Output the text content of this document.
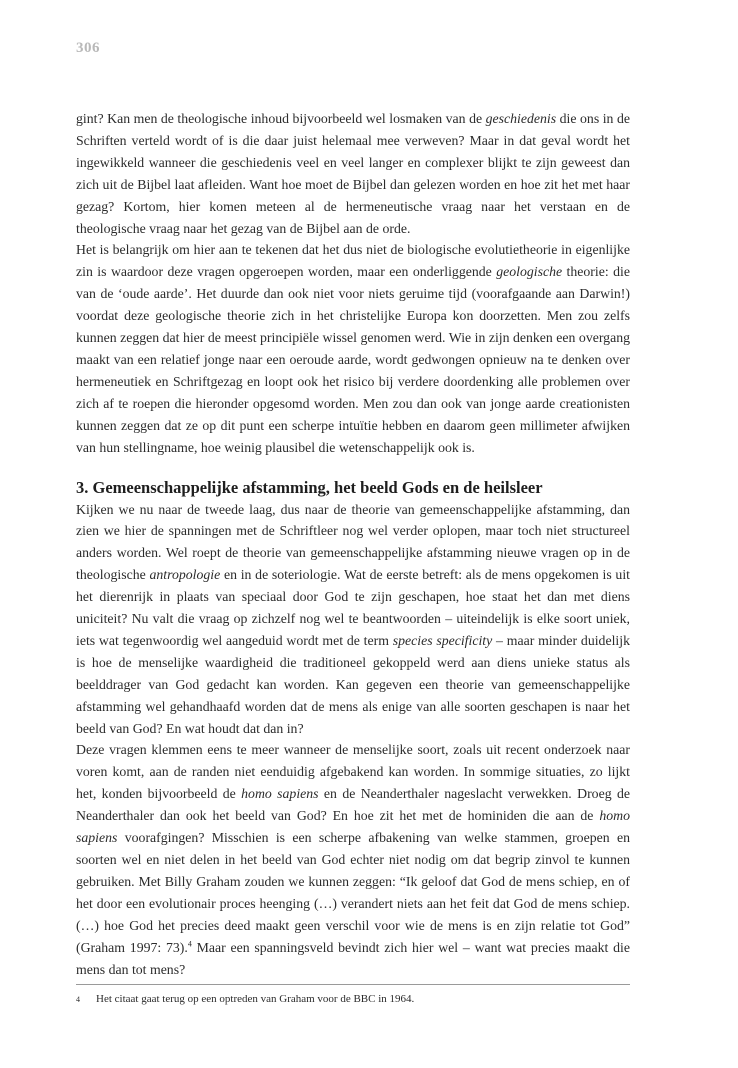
306

gint? Kan men de theologische inhoud bijvoorbeeld wel losmaken van de geschiedenis die ons in de Schriften verteld wordt of is die daar juist helemaal mee verweven? Maar in dat geval wordt het ingewikkeld wanneer die geschiedenis veel en veel langer en complexer blijkt te zijn geweest dan zich uit de Bijbel laat afleiden. Want hoe moet de Bijbel dan gelezen worden en hoe zit het met haar gezag? Kortom, hier komen meteen al de hermeneutische vraag naar het verstaan en de theologische vraag naar het gezag van de Bijbel aan de orde.

Het is belangrijk om hier aan te tekenen dat het dus niet de biologische evolutietheorie in eigenlijke zin is waardoor deze vragen opgeroepen worden, maar een onderliggende geologische theorie: die van de ‘oude aarde’. Het duurde dan ook niet voor niets geruime tijd (voorafgaande aan Darwin!) voordat deze geologische theorie zich in het christelijke Europa kon doorzetten. Men zou zelfs kunnen zeggen dat hier de meest principiële wissel genomen werd. Wie in zijn denken een overgang maakt van een relatief jonge naar een oeroude aarde, wordt gedwongen opnieuw na te denken over hermeneutiek en Schriftgezag en loopt ook het risico bij verdere doordenking alle problemen over zich af te roepen die hieronder opgesomd worden. Men zou dan ook van jonge aarde creationisten kunnen zeggen dat ze op dit punt een scherpe intuïtie hebben en daarom geen millimeter afwijken van hun stellingname, hoe weinig plausibel die wetenschappelijk ook is.

3. Gemeenschappelijke afstamming, het beeld Gods en de heilsleer

Kijken we nu naar de tweede laag, dus naar de theorie van gemeenschappelijke afstamming, dan zien we hier de spanningen met de Schriftleer nog wel verder oplopen, maar toch niet structureel anders worden. Wel roept de theorie van gemeenschappelijke afstamming nieuwe vragen op in de theologische antropologie en in de soteriologie. Wat de eerste betreft: als de mens opgekomen is uit het dierenrijk in plaats van speciaal door God te zijn geschapen, hoe staat het dan met diens uniciteit? Nu valt die vraag op zichzelf nog wel te beantwoorden – uiteindelijk is elke soort uniek, iets wat tegenwoordig wel aangeduid wordt met de term species specificity – maar minder duidelijk is hoe de menselijke waardigheid die traditioneel gekoppeld werd aan diens unieke status als beelddrager van God gedacht kan worden. Kan gegeven een theorie van gemeenschappelijke afstamming wel gehandhaafd worden dat de mens als enige van alle soorten geschapen is naar het beeld van God? En wat houdt dat dan in?

Deze vragen klemmen eens te meer wanneer de menselijke soort, zoals uit recent onderzoek naar voren komt, aan de randen niet eenduidig afgebakend kan worden. In sommige situaties, zo lijkt het, konden bijvoorbeeld de homo sapiens en de Neanderthaler nageslacht verwekken. Droeg de Neanderthaler dan ook het beeld van God? En hoe zit het met de hominiden die aan de homo sapiens voorafgingen? Misschien is een scherpe afbakening van welke stammen, groepen en soorten wel en niet delen in het beeld van God echter niet nodig om dat begrip zinvol te kunnen gebruiken. Met Billy Graham zouden we kunnen zeggen: “Ik geloof dat God de mens schiep, en of het door een evolutionair proces heenging (…) verandert niets aan het feit dat God de mens schiep. (…) hoe God het precies deed maakt geen verschil voor wie de mens is en zijn relatie tot God” (Graham 1997: 73).$^4$ Maar een spanningsveld bevindt zich hier wel – want wat precies maakt die mens dan tot mens?

4 Het citaat gaat terug op een optreden van Graham voor de BBC in 1964.
